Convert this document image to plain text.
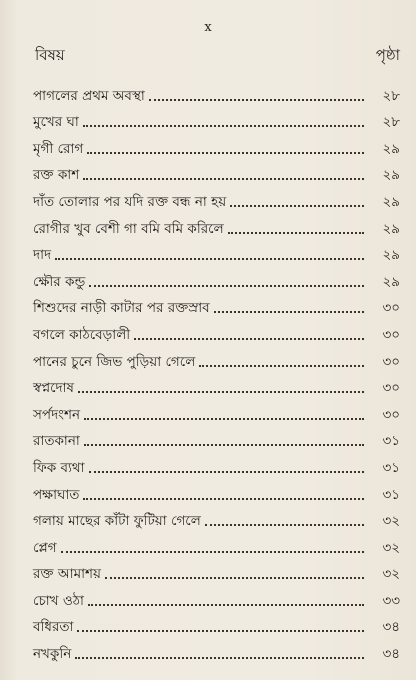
x
বিষয়	পৃষ্ঠা
পাগলের প্রথম অবস্থা	২৮
মুখের ঘা	২৮
মৃগী রোগ	২৯
রক্ত কাশ	২৯
দাঁত তোলার পর যদি রক্ত বন্ধ না হয়	২৯
রোগীর খুব বেশী গা বমি বমি করিলে	২৯
দাদ	২৯
ক্ষৌর কন্ডু	২৯
শিশুদের নাড়ী কাটার পর রক্তস্রাব	৩০
বগলে কাঠবেড়ালী	৩০
পানের চুনে জিভ পুড়িয়া গেলে	৩০
স্বপ্নদোষ	৩০
সর্পদংশন	৩০
রাতকানা	৩১
ফিক ব্যথা	৩১
পক্ষাঘাত	৩১
গলায় মাছের কাঁটা ফুটিয়া গেলে	৩২
প্লেগ	৩২
রক্ত আমাশয়	৩২
চোখ ওঠা	৩৩
বধিরতা	৩৪
নখকুনি	৩৪
